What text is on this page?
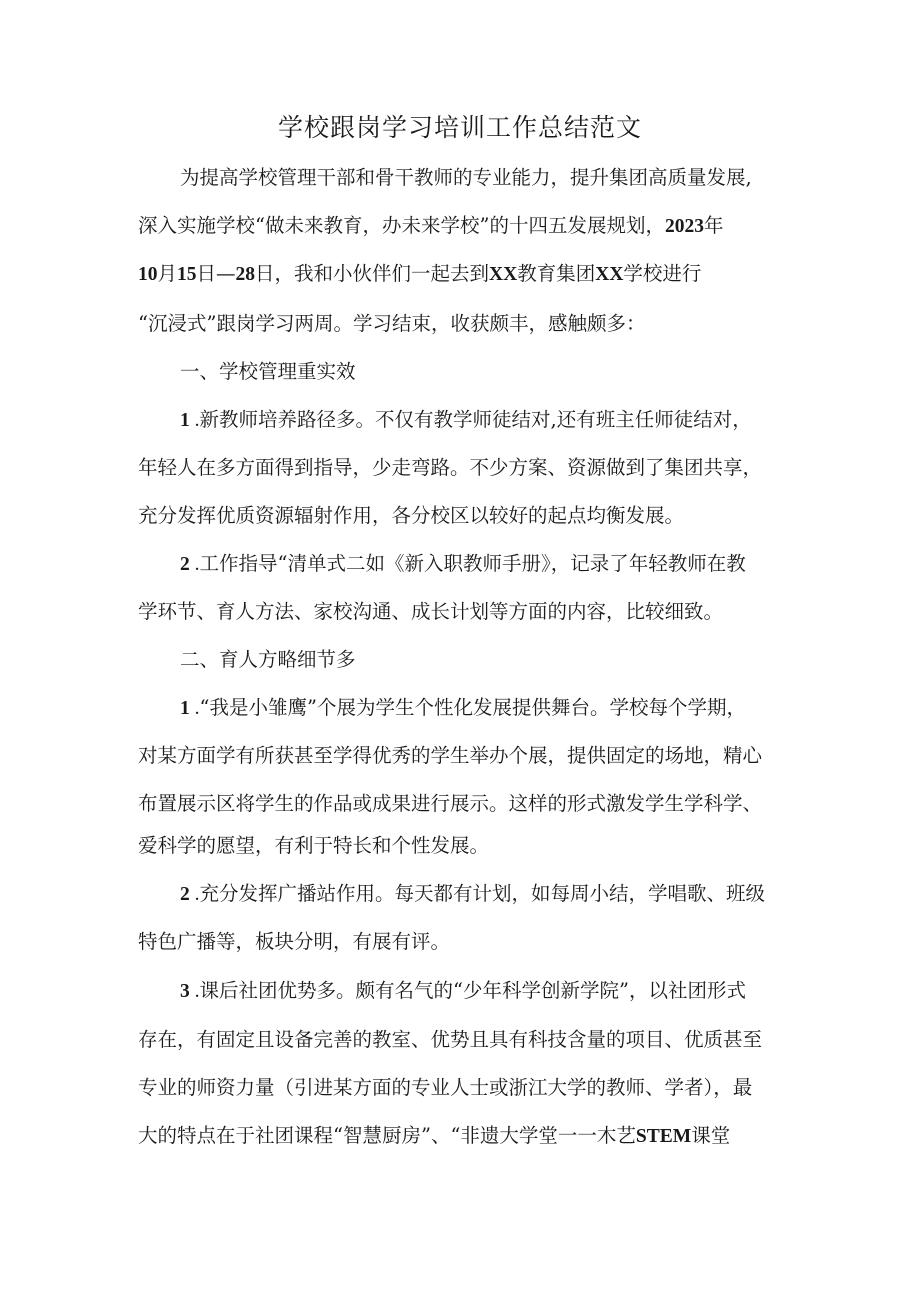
学校跟岗学习培训工作总结范文
为提高学校管理干部和骨干教师的专业能力，提升集团高质量发展,
深入实施学校“做未来教育，办未来学校”的十四五发展规划，2023年
10月15日—28日，我和小伙伴们一起去到XX教育集团XX学校进行
“沉浸式”跟岗学习两周。学习结束，收获颇丰，感触颇多：
一、学校管理重实效
1 .新教师培养路径多。不仅有教学师徒结对,还有班主任师徒结对，
年轻人在多方面得到指导，少走弯路。不少方案、资源做到了集团共享，
充分发挥优质资源辐射作用，各分校区以较好的起点均衡发展。
2 .工作指导“清单式二如《新入职教师手册》，记录了年轻教师在教
学环节、育人方法、家校沟通、成长计划等方面的内容，比较细致。
二、育人方略细节多
1 .“我是小雏鹰”个展为学生个性化发展提供舞台。学校每个学期，
对某方面学有所获甚至学得优秀的学生举办个展，提供固定的场地，精心
布置展示区将学生的作品或成果进行展示。这样的形式激发学生学科学、
爱科学的愿望，有利于特长和个性发展。
2 .充分发挥广播站作用。每天都有计划，如每周小结，学唱歌、班级
特色广播等，板块分明，有展有评。
3 .课后社团优势多。颇有名气的“少年科学创新学院”，以社团形式
存在，有固定且设备完善的教室、优势且具有科技含量的项目、优质甚至
专业的师资力量（引进某方面的专业人士或浙江大学的教师、学者），最
大的特点在于社团课程“智慧厨房”、“非遗大学堂一一木艺STEM课堂
